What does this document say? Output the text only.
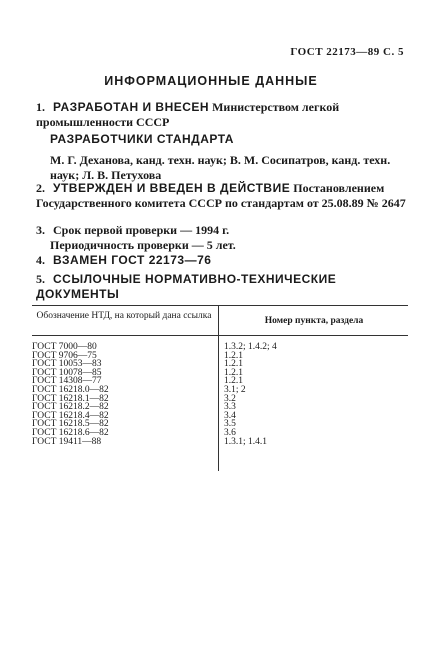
ГОСТ 22173—89 С. 5
ИНФОРМАЦИОННЫЕ ДАННЫЕ
1. РАЗРАБОТАН И ВНЕСЕН Министерством легкой промышленности СССР
РАЗРАБОТЧИКИ СТАНДАРТА
М. Г. Деханова, канд. техн. наук; В. М. Сосипатров, канд. техн. наук; Л. В. Петухова
2. УТВЕРЖДЕН И ВВЕДЕН В ДЕЙСТВИЕ Постановлением Государственного комитета СССР по стандартам от 25.08.89 № 2647
3. Срок первой проверки — 1994 г.
Периодичность проверки — 5 лет.
4. ВЗАМЕН ГОСТ 22173—76
5. ССЫЛОЧНЫЕ НОРМАТИВНО-ТЕХНИЧЕСКИЕ ДОКУМЕНТЫ
Обозначение НТД, на который дана ссылка	Номер пункта, раздела
ГОСТ 7000—80	1.3.2; 1.4.2; 4
ГОСТ 9706—75	1.2.1
ГОСТ 10053—83	1.2.1
ГОСТ 10078—85	1.2.1
ГОСТ 14308—77	1.2.1
ГОСТ 16218.0—82	3.1; 2
ГОСТ 16218.1—82	3.2
ГОСТ 16218.2—82	3.3
ГОСТ 16218.4—82	3.4
ГОСТ 16218.5—82	3.5
ГОСТ 16218.6—82	3.6
ГОСТ 19411—88	1.3.1; 1.4.1
